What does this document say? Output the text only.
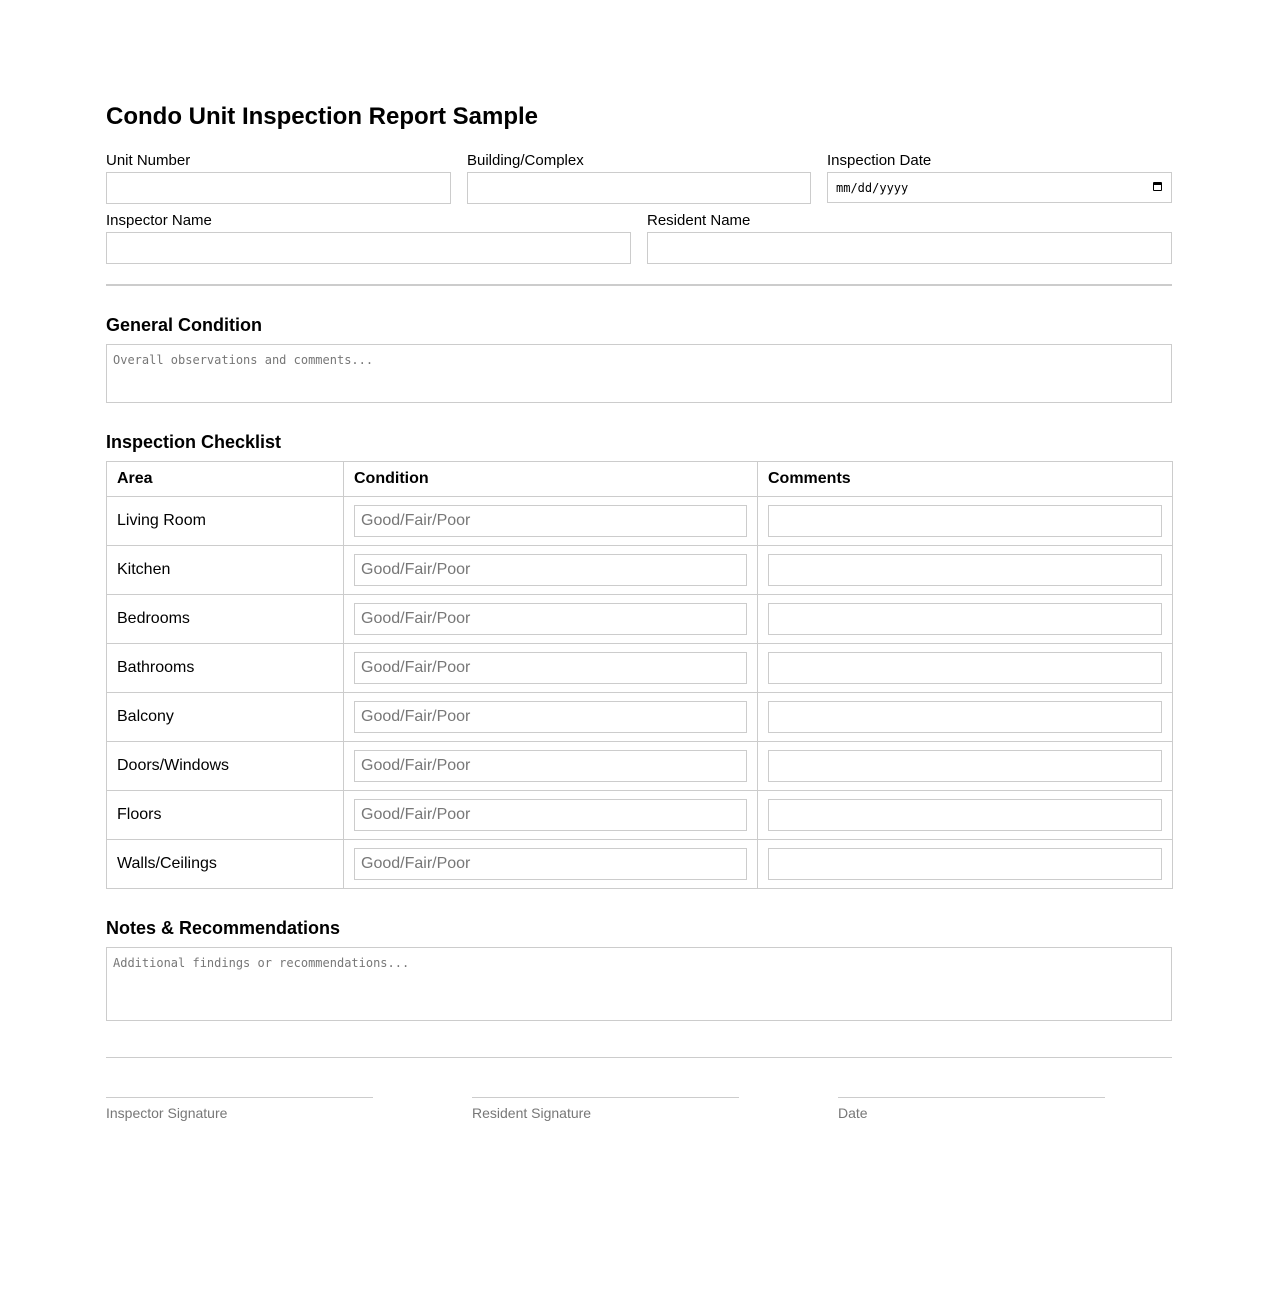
Condo Unit Inspection Report Sample
Unit Number	Building/Complex	Inspection Date
mm/dd/yyyy
Inspector Name	Resident Name
General Condition
Overall observations and comments...
Inspection Checklist
Area	Condition	Comments
Living Room	Good/Fair/Poor	

Kitchen	Good/Fair/Poor	

Bedrooms	Good/Fair/Poor	

Bathrooms	Good/Fair/Poor	

Balcony	Good/Fair/Poor	

Doors/Windows	Good/Fair/Poor	

Floors	Good/Fair/Poor	

Walls/Ceilings	Good/Fair/Poor	

Notes & Recommendations
Additional findings or recommendations...
Inspector Signature	Resident Signature	Date
